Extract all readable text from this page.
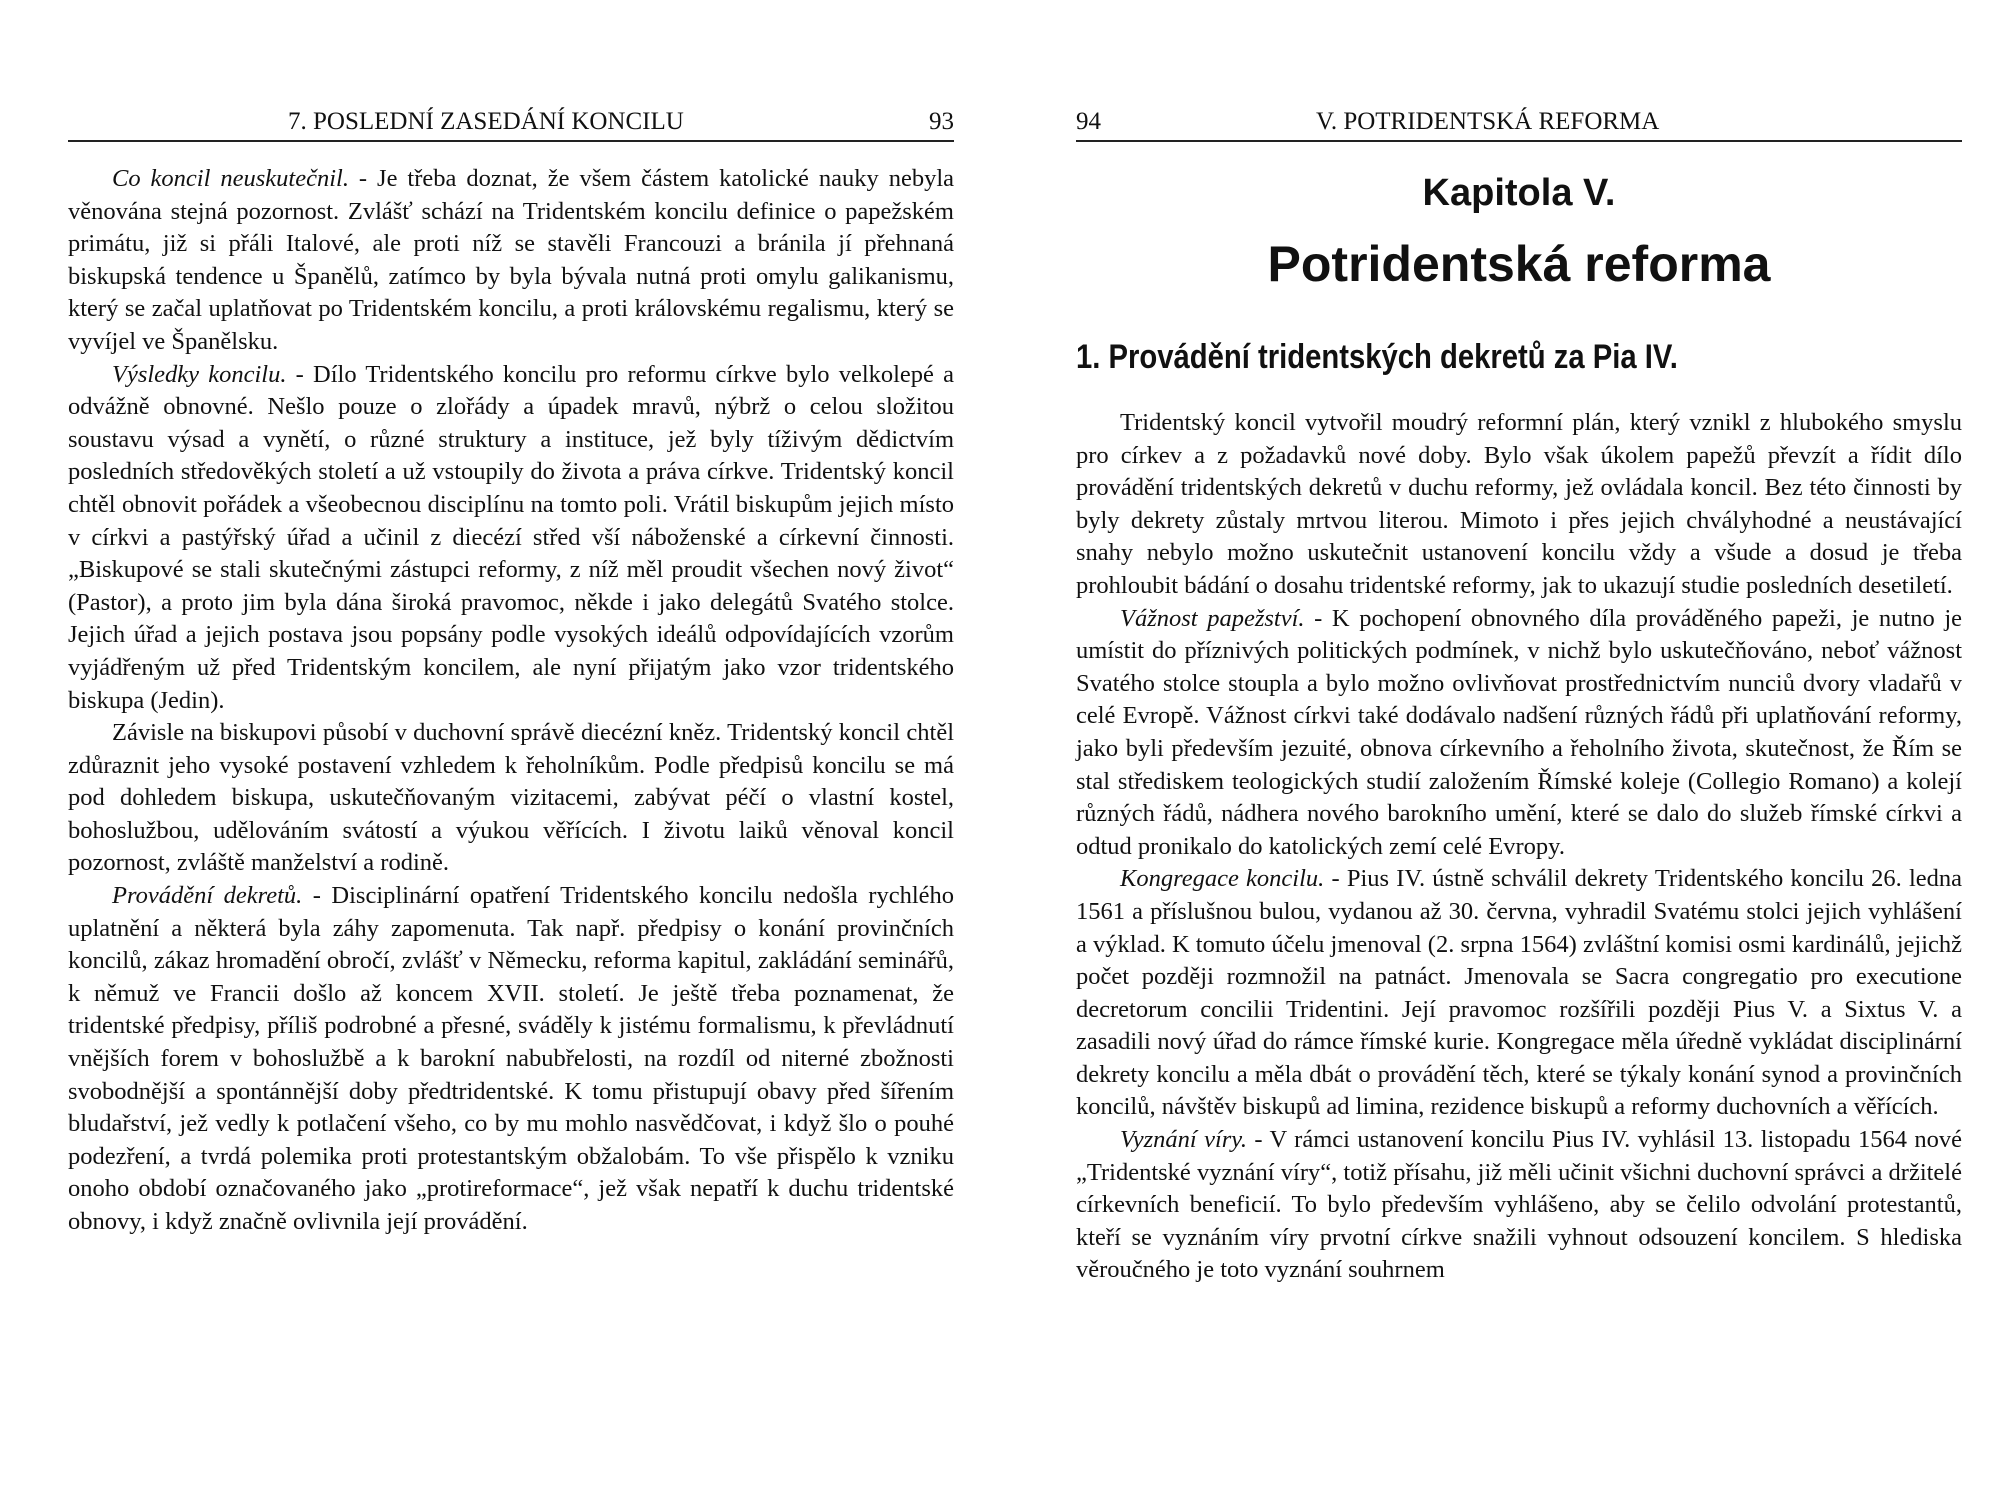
7. POSLEDNÍ ZASEDÁNÍ KONCILU	93

Co koncil neuskutečnil. - Je třeba doznat, že všem částem katolické nauky nebyla věnována stejná pozornost. Zvlášť schází na Tridentském koncilu definice o papežském primátu, již si přáli Italové, ale proti níž se stavěli Francouzi a bránila jí přehnaná biskupská tendence u Španělů, zatímco by byla bývala nutná proti omylu galikanismu, který se začal uplatňovat po Tridentském koncilu, a proti královskému regalismu, který se vyvíjel ve Španělsku.

Výsledky koncilu. - Dílo Tridentského koncilu pro reformu církve bylo velkolepé a odvážně obnovné. Nešlo pouze o zlořády a úpadek mravů, nýbrž o celou složitou soustavu výsad a vynětí, o různé struktury a instituce, jež byly tíživým dědictvím posledních středověkých století a už vstoupily do života a práva církve. Tridentský koncil chtěl obnovit pořádek a všeobecnou disciplínu na tomto poli. Vrátil biskupům jejich místo v církvi a pastýřský úřad a učinil z diecézí střed vší náboženské a církevní činnosti. „Biskupové se stali skutečnými zástupci reformy, z níž měl proudit všechen nový život“ (Pastor), a proto jim byla dána široká pravomoc, někde i jako delegátů Svatého stolce. Jejich úřad a jejich postava jsou popsány podle vysokých ideálů odpovídajících vzorům vyjádřeným už před Tridentským koncilem, ale nyní přijatým jako vzor tridentského biskupa (Jedin).

Závisle na biskupovi působí v duchovní správě diecézní kněz. Tridentský koncil chtěl zdůraznit jeho vysoké postavení vzhledem k řeholníkům. Podle předpisů koncilu se má pod dohledem biskupa, uskutečňovaným vizitacemi, zabývat péčí o vlastní kostel, bohoslužbou, udělováním svátostí a výukou věřících. I životu laiků věnoval koncil pozornost, zvláště manželství a rodině.

Provádění dekretů. - Disciplinární opatření Tridentského koncilu nedošla rychlého uplatnění a některá byla záhy zapomenuta. Tak např. předpisy o konání provinčních koncilů, zákaz hromadění obročí, zvlášť v Německu, reforma kapitul, zakládání seminářů, k němuž ve Francii došlo až koncem XVII. století. Je ještě třeba poznamenat, že tridentské předpisy, příliš podrobné a přesné, sváděly k jistému formalismu, k převládnutí vnějších forem v bohoslužbě a k barokní nabubřelosti, na rozdíl od niterné zbožnosti svobodnější a spontánnější doby předtridentské. K tomu přistupují obavy před šířením bludařství, jež vedly k potlačení všeho, co by mu mohlo nasvědčovat, i když šlo o pouhé podezření, a tvrdá polemika proti protestantským obžalobám. To vše přispělo k vzniku onoho období označovaného jako „protireformace“, jež však nepatří k duchu tridentské obnovy, i když značně ovlivnila její provádění.

94	V. POTRIDENTSKÁ REFORMA
Kapitola V.
Potridentská reforma
1. Provádění tridentských dekretů za Pia IV.

Tridentský koncil vytvořil moudrý reformní plán, který vznikl z hlubokého smyslu pro církev a z požadavků nové doby. Bylo však úkolem papežů převzít a řídit dílo provádění tridentských dekretů v duchu reformy, jež ovládala koncil. Bez této činnosti by byly dekrety zůstaly mrtvou literou. Mimoto i přes jejich chvályhodné a neustávající snahy nebylo možno uskutečnit ustanovení koncilu vždy a všude a dosud je třeba prohloubit bádání o dosahu tridentské reformy, jak to ukazují studie posledních desetiletí.

Vážnost papežství. - K pochopení obnovného díla prováděného papeži, je nutno je umístit do příznivých politických podmínek, v nichž bylo uskutečňováno, neboť vážnost Svatého stolce stoupla a bylo možno ovlivňovat prostřednictvím nunciů dvory vladařů v celé Evropě. Vážnost církvi také dodávalo nadšení různých řádů při uplatňování reformy, jako byli především jezuité, obnova církevního a řeholního života, skutečnost, že Řím se stal střediskem teologických studií založením Římské koleje (Collegio Romano) a kolejí různých řádů, nádhera nového barokního umění, které se dalo do služeb římské církvi a odtud pronikalo do katolických zemí celé Evropy.

Kongregace koncilu. - Pius IV. ústně schválil dekrety Tridentského koncilu 26. ledna 1561 a příslušnou bulou, vydanou až 30. června, vyhradil Svatému stolci jejich vyhlášení a výklad. K tomuto účelu jmenoval (2. srpna 1564) zvláštní komisi osmi kardinálů, jejichž počet později rozmnožil na patnáct. Jmenovala se Sacra congregatio pro executione decretorum concilii Tridentini. Její pravomoc rozšířili později Pius V. a Sixtus V. a zasadili nový úřad do rámce římské kurie. Kongregace měla úředně vykládat disciplinární dekrety koncilu a měla dbát o provádění těch, které se týkaly konání synod a provinčních koncilů, návštěv biskupů ad limina, rezidence biskupů a reformy duchovních a věřících.

Vyznání víry. - V rámci ustanovení koncilu Pius IV. vyhlásil 13. listopadu 1564 nové „Tridentské vyznání víry“, totiž přísahu, již měli učinit všichni duchovní správci a držitelé církevních beneficií. To bylo především vyhlášeno, aby se čelilo odvolání protestantů, kteří se vyznáním víry prvotní církve snažili vyhnout odsouzení koncilem. S hlediska věroučného je toto vyznání souhrnem
